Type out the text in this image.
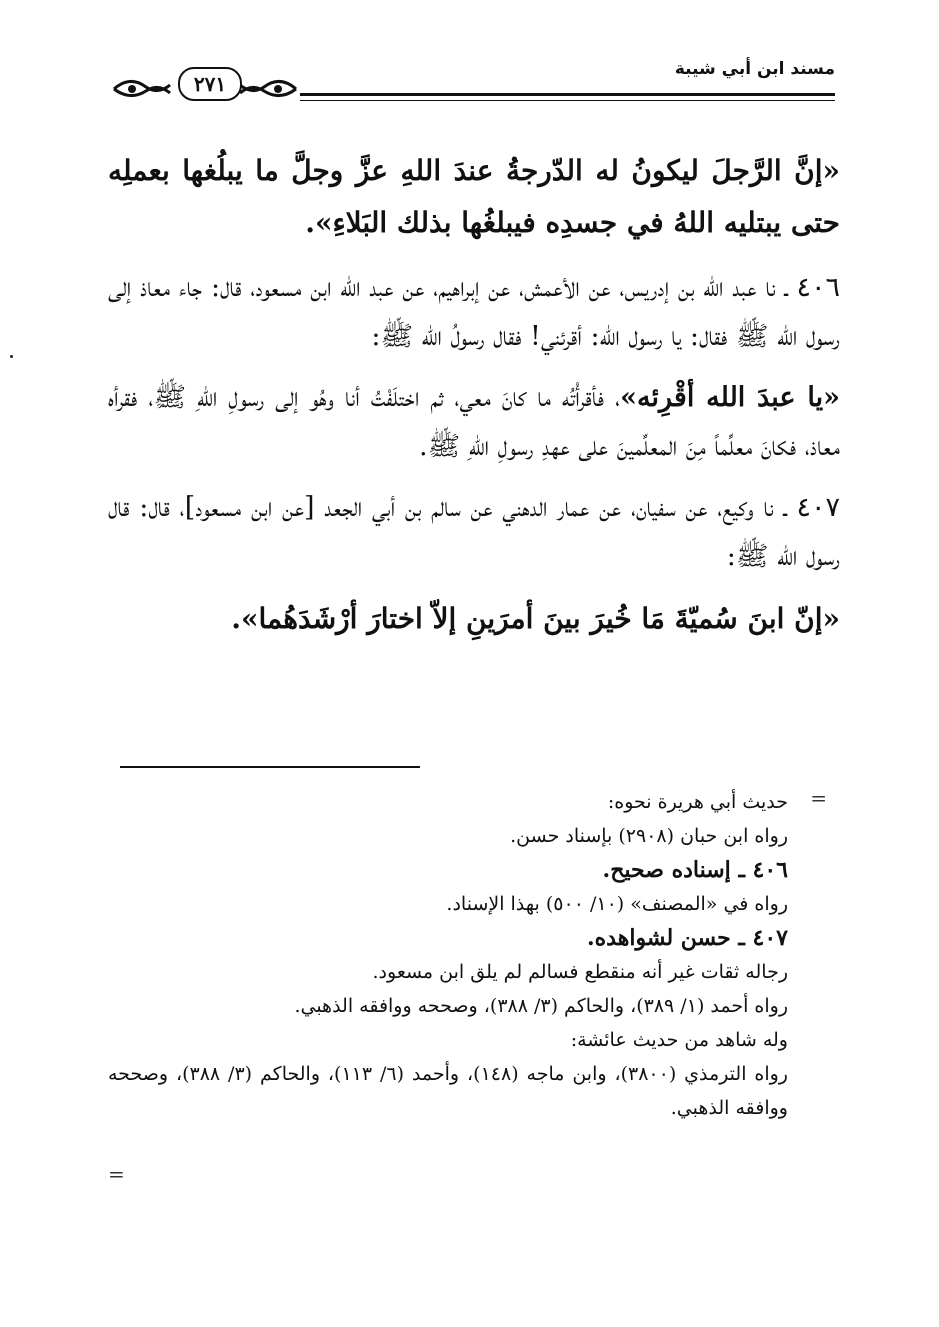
مسند ابن أبي شيبة
٢٧١

«إنَّ الرَّجلَ ليكونُ له الدّرجةُ عندَ اللهِ عزَّ وجلَّ ما يبلُغها بعملِه حتى يبتليه اللهُ في جسدِه فيبلغُها بذلك البَلاءِ».

٤٠٦ ـ نا عبد الله بن إدريس، عن الأعمش، عن إبراهيم، عن عبد الله ابن مسعود، قال: جاء معاذ إلى رسول الله ﷺ فقال: يا رسول الله: أقرئني! فقال رسولُ الله ﷺ:

«يا عبدَ الله أقْرِئه»، فأقرأْتُه ما كانَ معي، ثم اختلَفْتُ أنا وهُو إلى رسولِ اللهِ ﷺ، فقرأه معاذ، فكانَ معلِّماً مِنَ المعلِّمينَ على عهدِ رسولِ اللهِ ﷺ.

٤٠٧ ـ نا وكيع، عن سفيان، عن عمار الدهني عن سالم بن أبي الجعد [عن ابن مسعود]، قال: قال رسول الله ﷺ:

«إنّ ابنَ سُميّةَ مَا خُيرَ بينَ أمرَينِ إلاّ اختارَ أرْشَدَهُما».

=

حديث أبي هريرة نحوه:

رواه ابن حبان (٢٩٠٨) بإسناد حسن.

٤٠٦ ـ إسناده صحيح.

رواه في «المصنف» (١٠/ ٥٠٠) بهذا الإسناد.

٤٠٧ ـ حسن لشواهده.

رجاله ثقات غير أنه منقطع فسالم لم يلق ابن مسعود.

رواه أحمد (١/ ٣٨٩)، والحاكم (٣/ ٣٨٨)، وصححه ووافقه الذهبي.

وله شاهد من حديث عائشة:

رواه الترمذي (٣٨٠٠)، وابن ماجه (١٤٨)، وأحمد (٦/ ١١٣)، والحاكم (٣/ ٣٨٨)، وصححه ووافقه الذهبي.

=
